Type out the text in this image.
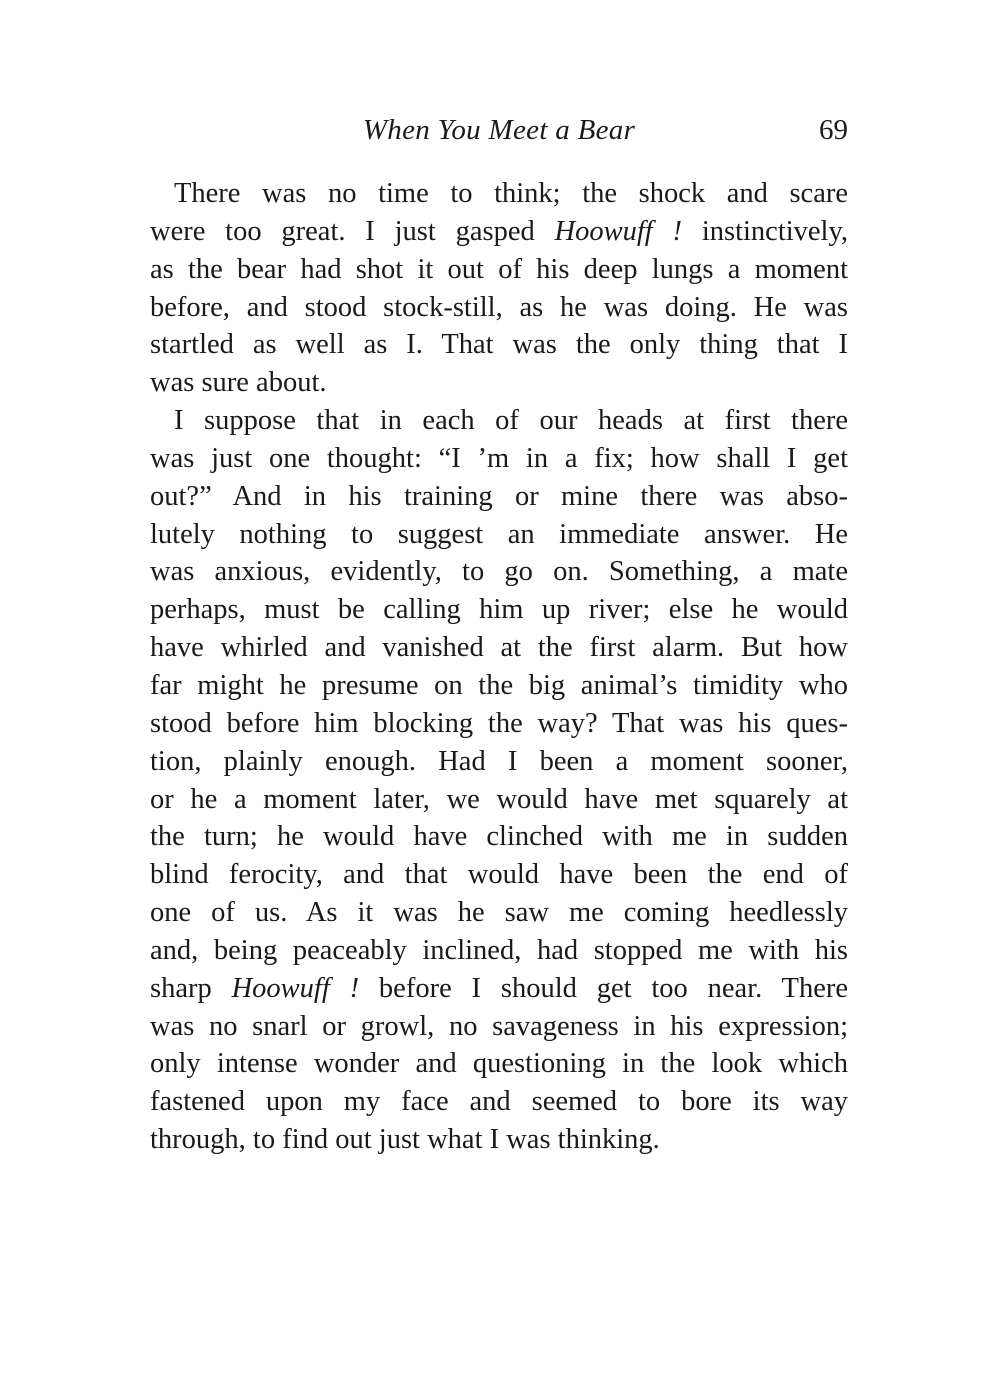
When You Meet a Bear	69
There was no time to think; the shock and scare
were too great. I just gasped Hoowuff ! instinctively,
as the bear had shot it out of his deep lungs a moment
before, and stood stock-still, as he was doing. He was
startled as well as I. That was the only thing that I
was sure about.
I suppose that in each of our heads at first there
was just one thought: “I ’m in a fix; how shall I get
out?” And in his training or mine there was abso-
lutely nothing to suggest an immediate answer. He
was anxious, evidently, to go on. Something, a mate
perhaps, must be calling him up river; else he would
have whirled and vanished at the first alarm. But how
far might he presume on the big animal’s timidity who
stood before him blocking the way? That was his ques-
tion, plainly enough. Had I been a moment sooner,
or he a moment later, we would have met squarely at
the turn; he would have clinched with me in sudden
blind ferocity, and that would have been the end of
one of us. As it was he saw me coming heedlessly
and, being peaceably inclined, had stopped me with his
sharp Hoowuff ! before I should get too near. There
was no snarl or growl, no savageness in his expression;
only intense wonder and questioning in the look which
fastened upon my face and seemed to bore its way
through, to find out just what I was thinking.
